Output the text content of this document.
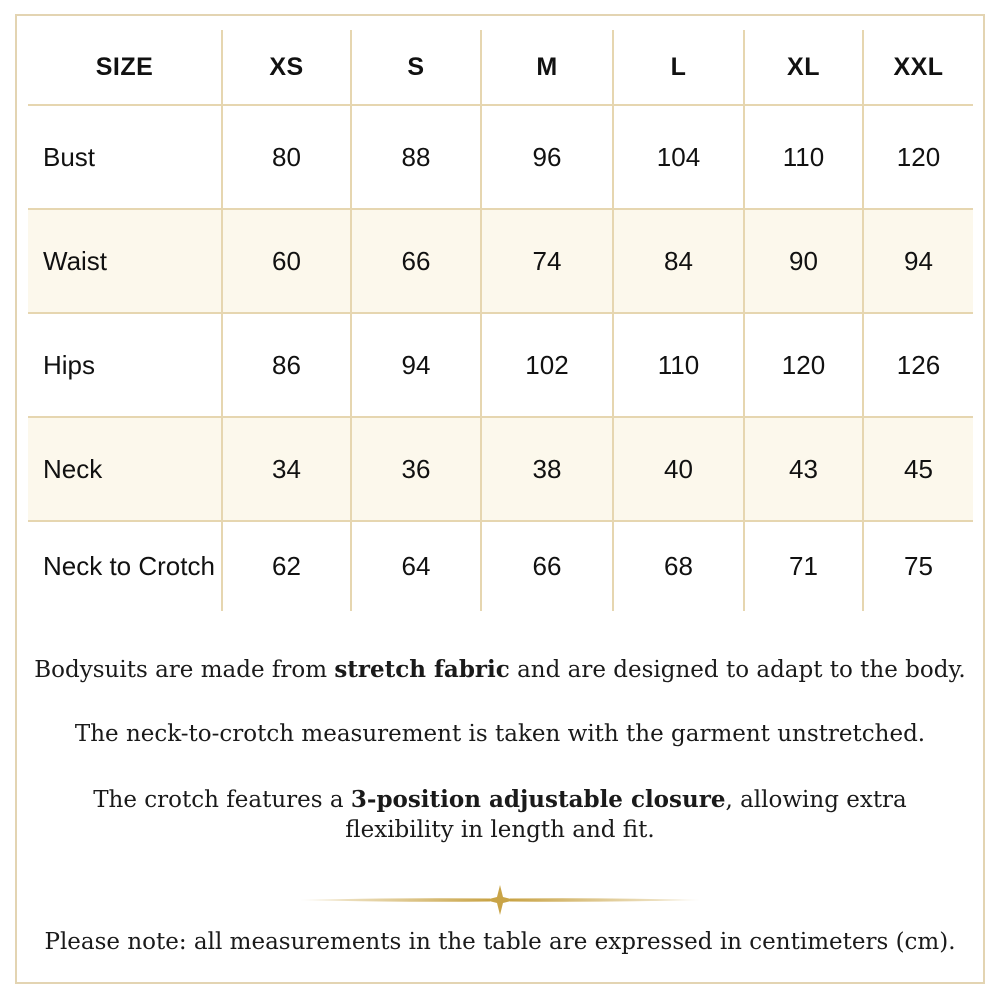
SIZE	XS	S	M	L	XL	XXL
Bust	80	88	96	104	110	120
Waist	60	66	74	84	90	94
Hips	86	94	102	110	120	126
Neck	34	36	38	40	43	45
Neck to Crotch	62	64	66	68	71	75
Bodysuits are made from stretch fabric and are designed to adapt to the body.
The neck-to-crotch measurement is taken with the garment unstretched.
The crotch features a 3-position adjustable closure, allowing extra flexibility in length and fit.
Please note: all measurements in the table are expressed in centimeters (cm).
